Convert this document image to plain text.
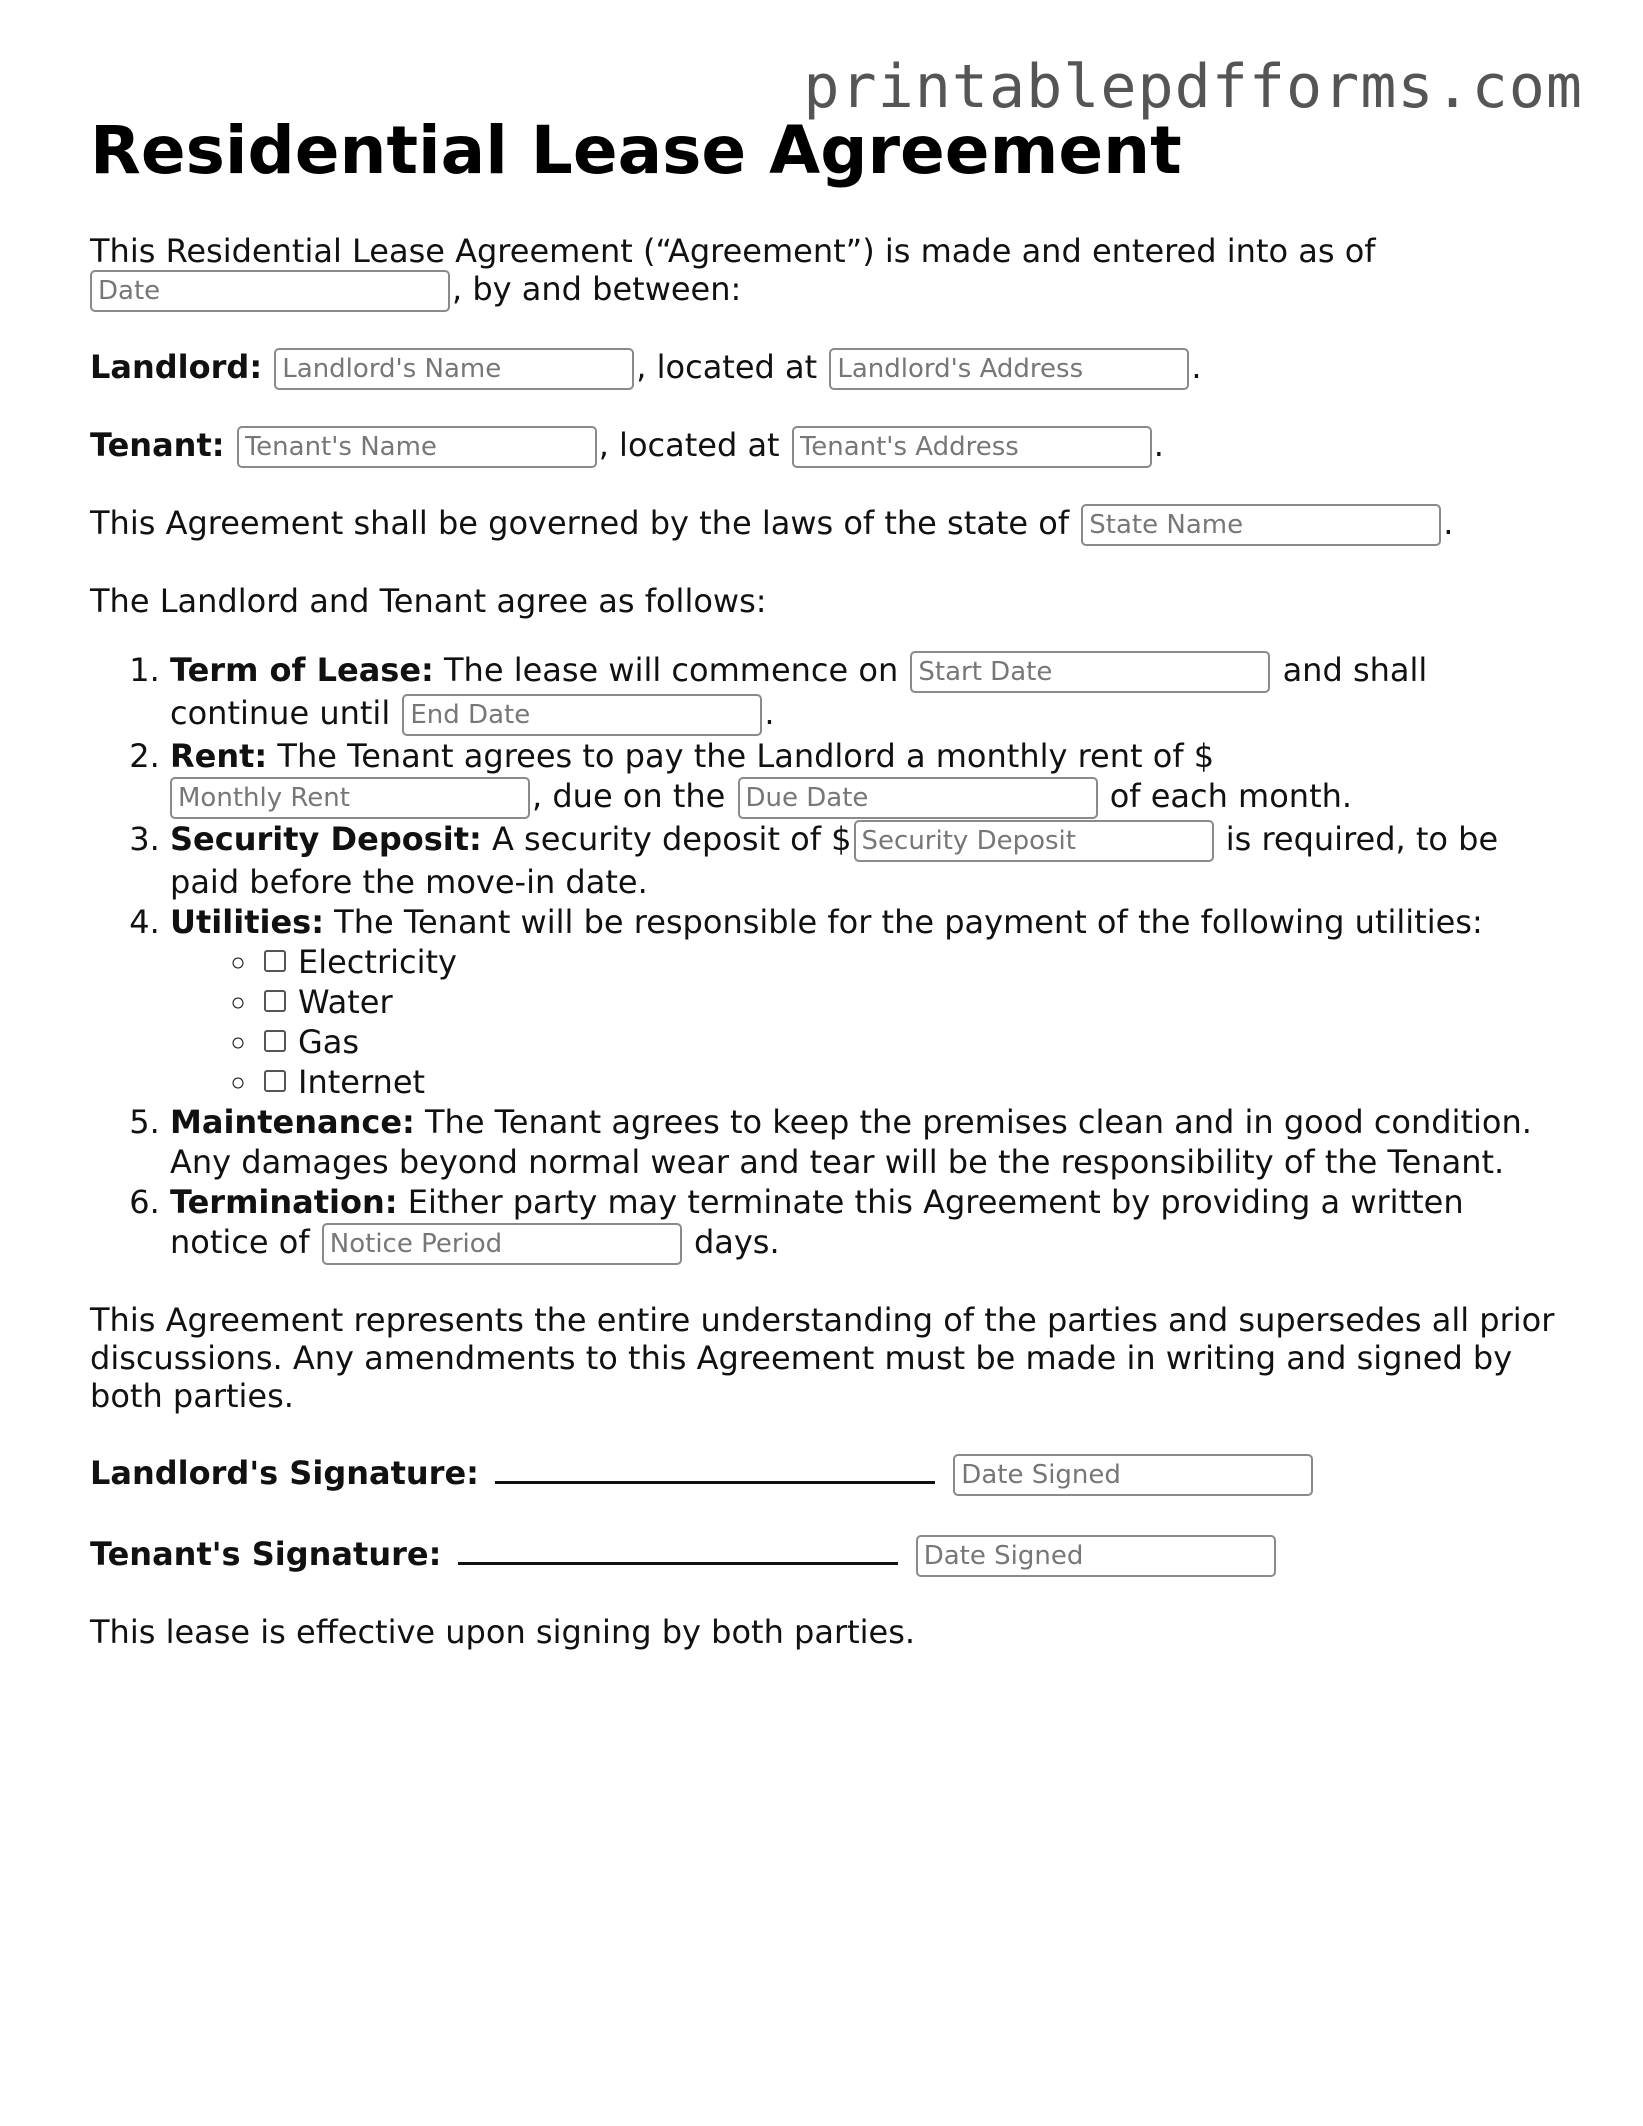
printablepdfforms.com
Residential Lease Agreement

This Residential Lease Agreement (“Agreement”) is made and entered into as of
Date, by and between:

Landlord: Landlord's Name	, located at Landlord's Address	.

Tenant: Tenant's Name	, located at Tenant's Address	.

This Agreement shall be governed by the laws of the state of State Name	.

The Landlord and Tenant agree as follows:

1. Term of Lease: The lease will commence on Start Date	and shall continue until End Date	.
2. Rent: The Tenant agrees to pay the Landlord a monthly rent of $
Monthly Rent, due on the Due Date	of each month.
3. Security Deposit: A security deposit of $Security Deposit	is required, to be paid before the move-in date.
4. Utilities: The Tenant will be responsible for the payment of the following utilities:
◦ Electricity
◦ Water
◦ Gas
◦ Internet
5. Maintenance: The Tenant agrees to keep the premises clean and in good condition. Any damages beyond normal wear and tear will be the responsibility of the Tenant.
6. Termination: Either party may terminate this Agreement by providing a written notice of Notice Period	days.

This Agreement represents the entire understanding of the parties and supersedes all prior discussions. Any amendments to this Agreement must be made in writing and signed by both parties.

Landlord's Signature:  Date Signed

Tenant's Signature:  Date Signed

This lease is effective upon signing by both parties.
